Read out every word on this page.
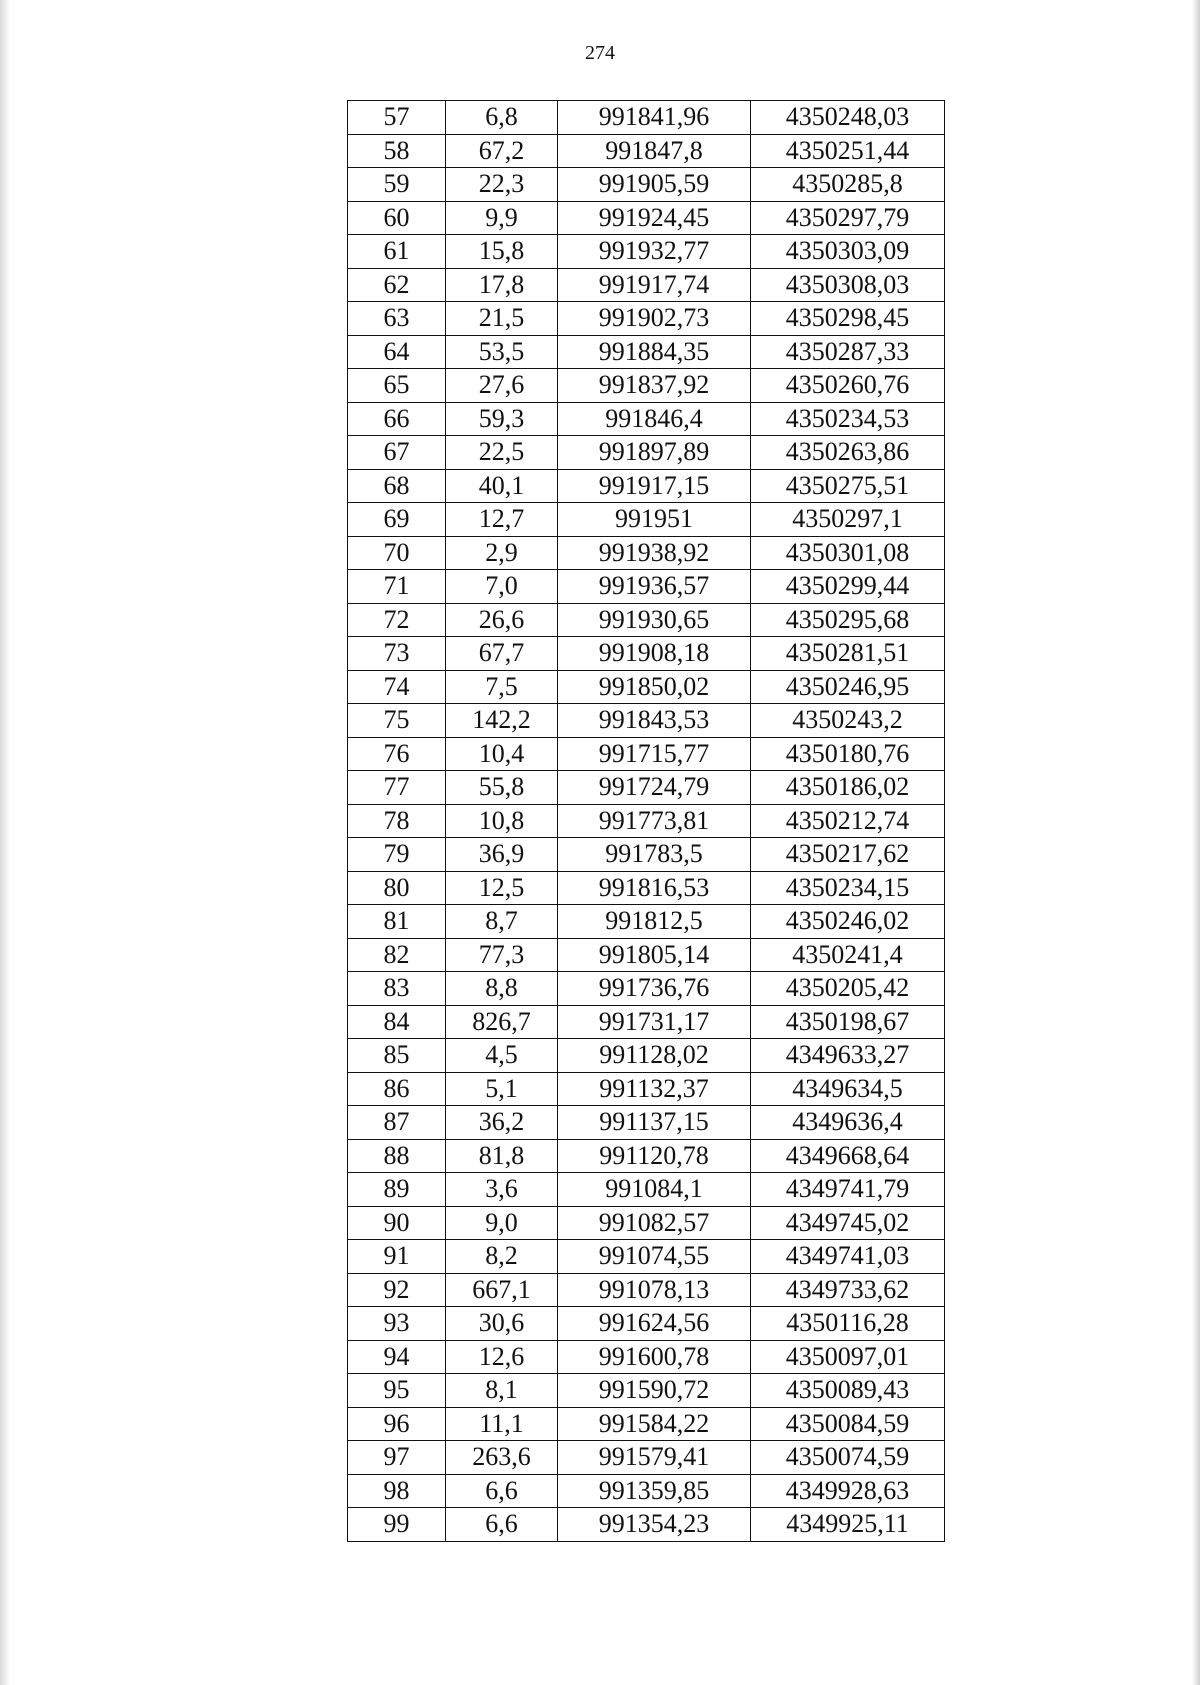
274
57	6,8	991841,96	4350248,03
58	67,2	991847,8	4350251,44
59	22,3	991905,59	4350285,8
60	9,9	991924,45	4350297,79
61	15,8	991932,77	4350303,09
62	17,8	991917,74	4350308,03
63	21,5	991902,73	4350298,45
64	53,5	991884,35	4350287,33
65	27,6	991837,92	4350260,76
66	59,3	991846,4	4350234,53
67	22,5	991897,89	4350263,86
68	40,1	991917,15	4350275,51
69	12,7	991951	4350297,1
70	2,9	991938,92	4350301,08
71	7,0	991936,57	4350299,44
72	26,6	991930,65	4350295,68
73	67,7	991908,18	4350281,51
74	7,5	991850,02	4350246,95
75	142,2	991843,53	4350243,2
76	10,4	991715,77	4350180,76
77	55,8	991724,79	4350186,02
78	10,8	991773,81	4350212,74
79	36,9	991783,5	4350217,62
80	12,5	991816,53	4350234,15
81	8,7	991812,5	4350246,02
82	77,3	991805,14	4350241,4
83	8,8	991736,76	4350205,42
84	826,7	991731,17	4350198,67
85	4,5	991128,02	4349633,27
86	5,1	991132,37	4349634,5
87	36,2	991137,15	4349636,4
88	81,8	991120,78	4349668,64
89	3,6	991084,1	4349741,79
90	9,0	991082,57	4349745,02
91	8,2	991074,55	4349741,03
92	667,1	991078,13	4349733,62
93	30,6	991624,56	4350116,28
94	12,6	991600,78	4350097,01
95	8,1	991590,72	4350089,43
96	11,1	991584,22	4350084,59
97	263,6	991579,41	4350074,59
98	6,6	991359,85	4349928,63
99	6,6	991354,23	4349925,11
